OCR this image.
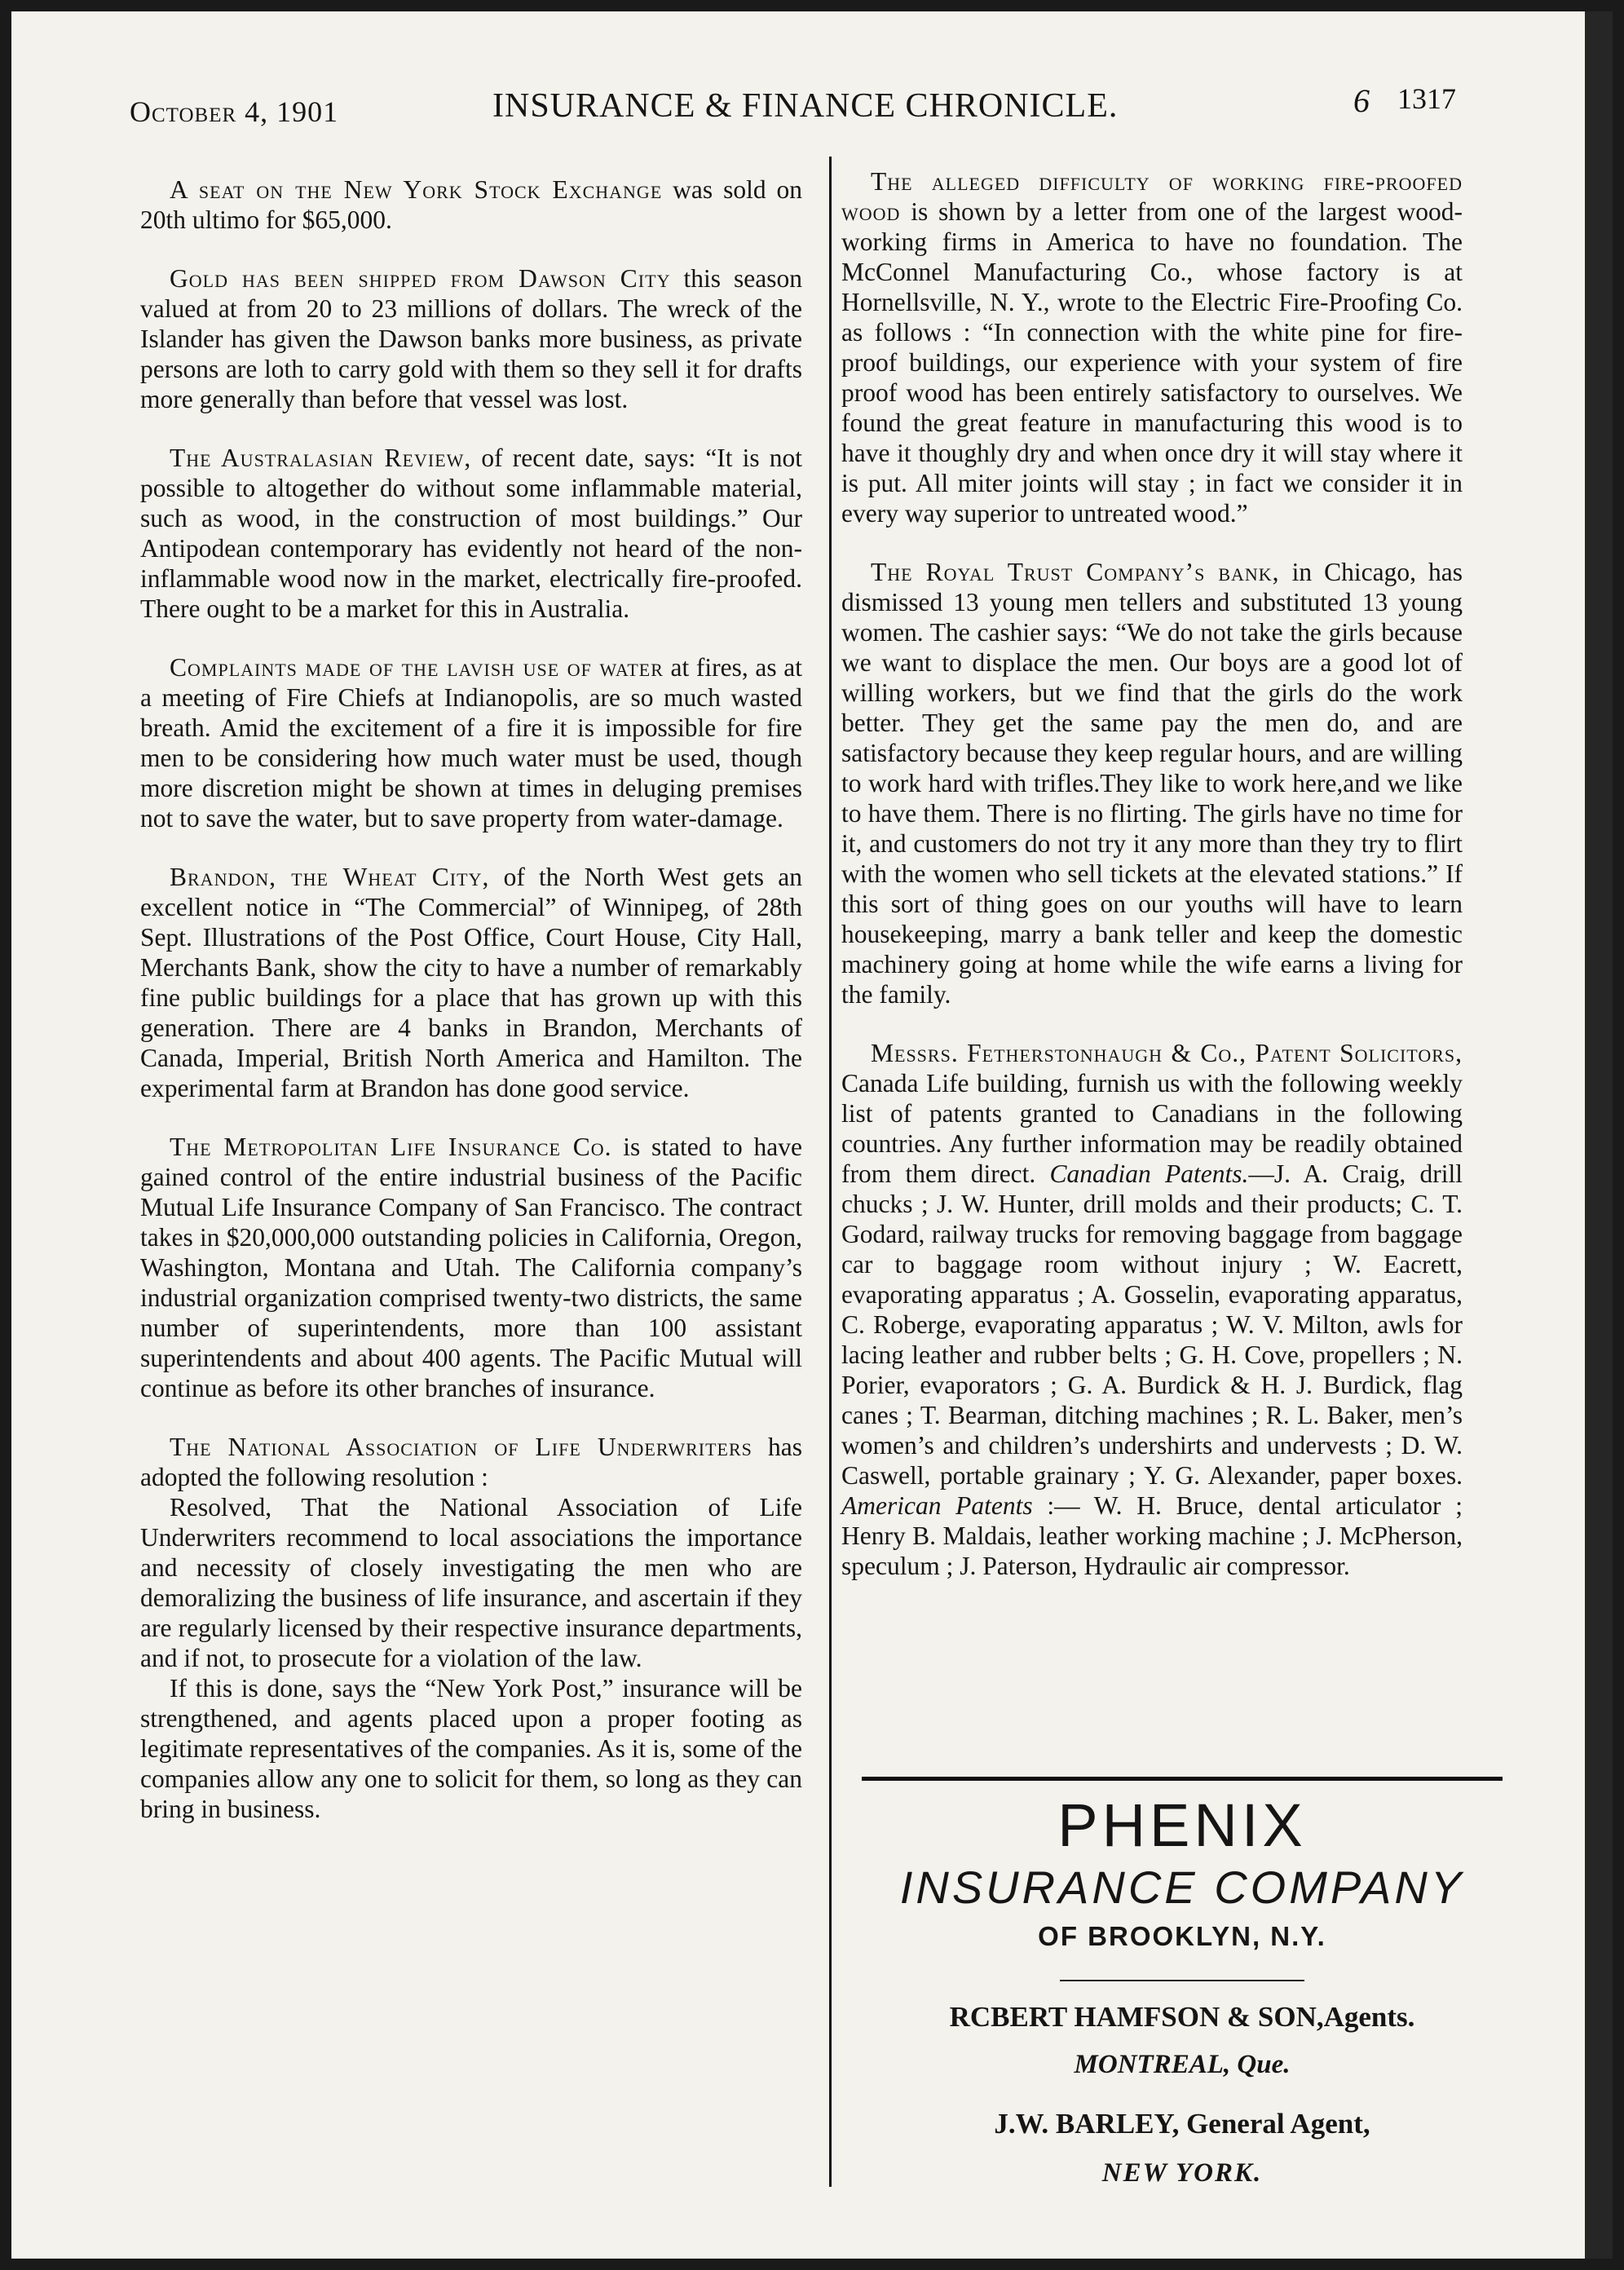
October 4, 1901	INSURANCE & FINANCE CHRONICLE.	6 1317

A seat on the New York Stock Exchange was sold on 20th ultimo for $65,000.

Gold has been shipped from Dawson City this season valued at from 20 to 23 millions of dollars. The wreck of the Islander has given the Dawson banks more business, as private persons are loth to carry gold with them so they sell it for drafts more generally than before that vessel was lost.

The Australasian Review, of recent date, says: “It is not possible to altogether do without some inflammable material, such as wood, in the construction of most buildings.” Our Antipodean contemporary has evidently not heard of the non-inflammable wood now in the market, electrically fire-proofed. There ought to be a market for this in Australia.

Complaints made of the lavish use of water at fires, as at a meeting of Fire Chiefs at Indianopolis, are so much wasted breath. Amid the excitement of a fire it is impossible for fire men to be considering how much water must be used, though more discretion might be shown at times in deluging premises not to save the water, but to save property from water-damage.

Brandon, the Wheat City, of the North West gets an excellent notice in “The Commercial” of Winnipeg, of 28th Sept. Illustrations of the Post Office, Court House, City Hall, Merchants Bank, show the city to have a number of remarkably fine public buildings for a place that has grown up with this generation. There are 4 banks in Brandon, Merchants of Canada, Imperial, British North America and Hamilton. The experimental farm at Brandon has done good service.

The Metropolitan Life Insurance Co. is stated to have gained control of the entire industrial business of the Pacific Mutual Life Insurance Company of San Francisco. The contract takes in $20,000,000 outstanding policies in California, Oregon, Washington, Montana and Utah. The California company’s industrial organization comprised twenty-two districts, the same number of superintendents, more than 100 assistant superintendents and about 400 agents. The Pacific Mutual will continue as before its other branches of insurance.

The National Association of Life Underwriters has adopted the following resolution :

Resolved, That the National Association of Life Underwriters recommend to local associations the importance and necessity of closely investigating the men who are demoralizing the business of life insurance, and ascertain if they are regularly licensed by their respective insurance departments, and if not, to prosecute for a violation of the law.

If this is done, says the “New York Post,” insurance will be strengthened, and agents placed upon a proper footing as legitimate representatives of the companies. As it is, some of the companies allow any one to solicit for them, so long as they can bring in business.

The alleged difficulty of working fire-proofed wood is shown by a letter from one of the largest wood-working firms in America to have no foundation. The McConnel Manufacturing Co., whose factory is at Hornellsville, N. Y., wrote to the Electric Fire-Proofing Co. as follows : “In connection with the white pine for fire-proof buildings, our experience with your system of fire proof wood has been entirely satisfactory to ourselves. We found the great feature in manufacturing this wood is to have it thoughly dry and when once dry it will stay where it is put. All miter joints will stay ; in fact we consider it in every way superior to untreated wood.”

The Royal Trust Company’s bank, in Chicago, has dismissed 13 young men tellers and substituted 13 young women. The cashier says: “We do not take the girls because we want to displace the men. Our boys are a good lot of willing workers, but we find that the girls do the work better. They get the same pay the men do, and are satisfactory because they keep regular hours, and are willing to work hard with trifles.They like to work here,and we like to have them. There is no flirting. The girls have no time for it, and customers do not try it any more than they try to flirt with the women who sell tickets at the elevated stations.” If this sort of thing goes on our youths will have to learn housekeeping, marry a bank teller and keep the domestic machinery going at home while the wife earns a living for the family.

Messrs. Fetherstonhaugh & Co., Patent Solicitors, Canada Life building, furnish us with the following weekly list of patents granted to Canadians in the following countries. Any further information may be readily obtained from them direct. Canadian Patents.—J. A. Craig, drill chucks ; J. W. Hunter, drill molds and their products; C. T. Godard, railway trucks for removing baggage from baggage car to baggage room without injury ; W. Eacrett, evaporating apparatus ; A. Gosselin, evaporating apparatus, C. Roberge, evaporating apparatus ; W. V. Milton, awls for lacing leather and rubber belts ; G. H. Cove, propellers ; N. Porier, evaporators ; G. A. Burdick & H. J. Burdick, flag canes ; T. Bearman, ditching machines ; R. L. Baker, men’s women’s and children’s undershirts and undervests ; D. W. Caswell, portable grainary ; Y. G. Alexander, paper boxes. American Patents :— W. H. Bruce, dental articulator ; Henry B. Maldais, leather working machine ; J. McPherson, speculum ; J. Paterson, Hydraulic air compressor.

PHENIX
INSURANCE COMPANY
OF BROOKLYN, N.Y.
RCBERT HAMFSON & SON,Agents.
MONTREAL, Que.
J.W. BARLEY, General Agent,
NEW YORK.
